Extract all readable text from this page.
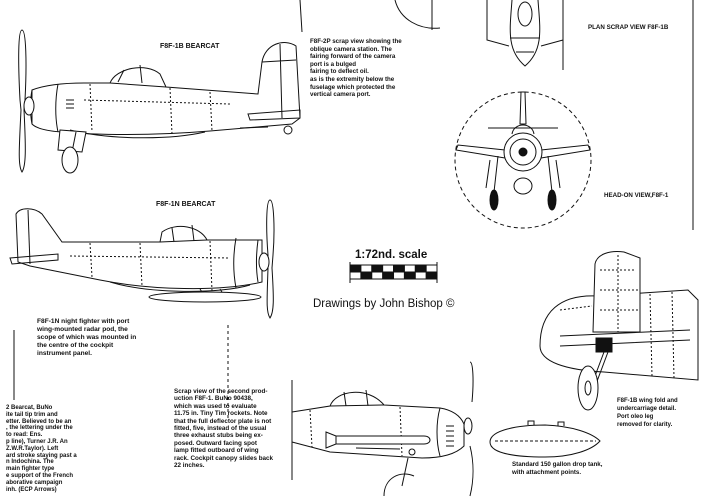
F8F-1B BEARCAT
PLAN SCRAP VIEW F8F-1B
HEAD-ON VIEW,F8F-1
F8F-1N BEARCAT
1:72nd. scale
Drawings by John Bishop ©
F8F-2P scrap view showing the
oblique camera station. The
fairing forward of the camera
port is a bulged
fairing to deflect oil.
as is the extremity below the
fuselage which protected the
vertical camera port.
F8F-1N night fighter with port
wing-mounted radar pod, the
scope of which was mounted in
the centre of the cockpit
instrument panel.
2 Bearcat, BuNo
ite tail tip trim and
etter. Believed to be an
, the lettering under the
to read: Ens.
p line), Turner J.R. An
Z.W.R.Taylor). Left
ard stroke staying past a
n Indochina. The
main fighter type
e support of the French
aborative campaign
inh. (ECP Arrows)
Scrap view of the second prod-
uction F8F-1. BuNo 90438,
which was used to evaluate
11.75 in. Tiny Tim rockets. Note
that the full deflector plate is not
fitted, five, instead of the usual
three exhaust stubs being ex-
posed. Outward facing spot
lamp fitted outboard of wing
rack. Cockpit canopy slides back
22 inches.
F8F-1B wing fold and
undercarriage detail.
Port oleo leg
removed for clarity.
Standard 150 gallon drop tank,
with attachment points.
